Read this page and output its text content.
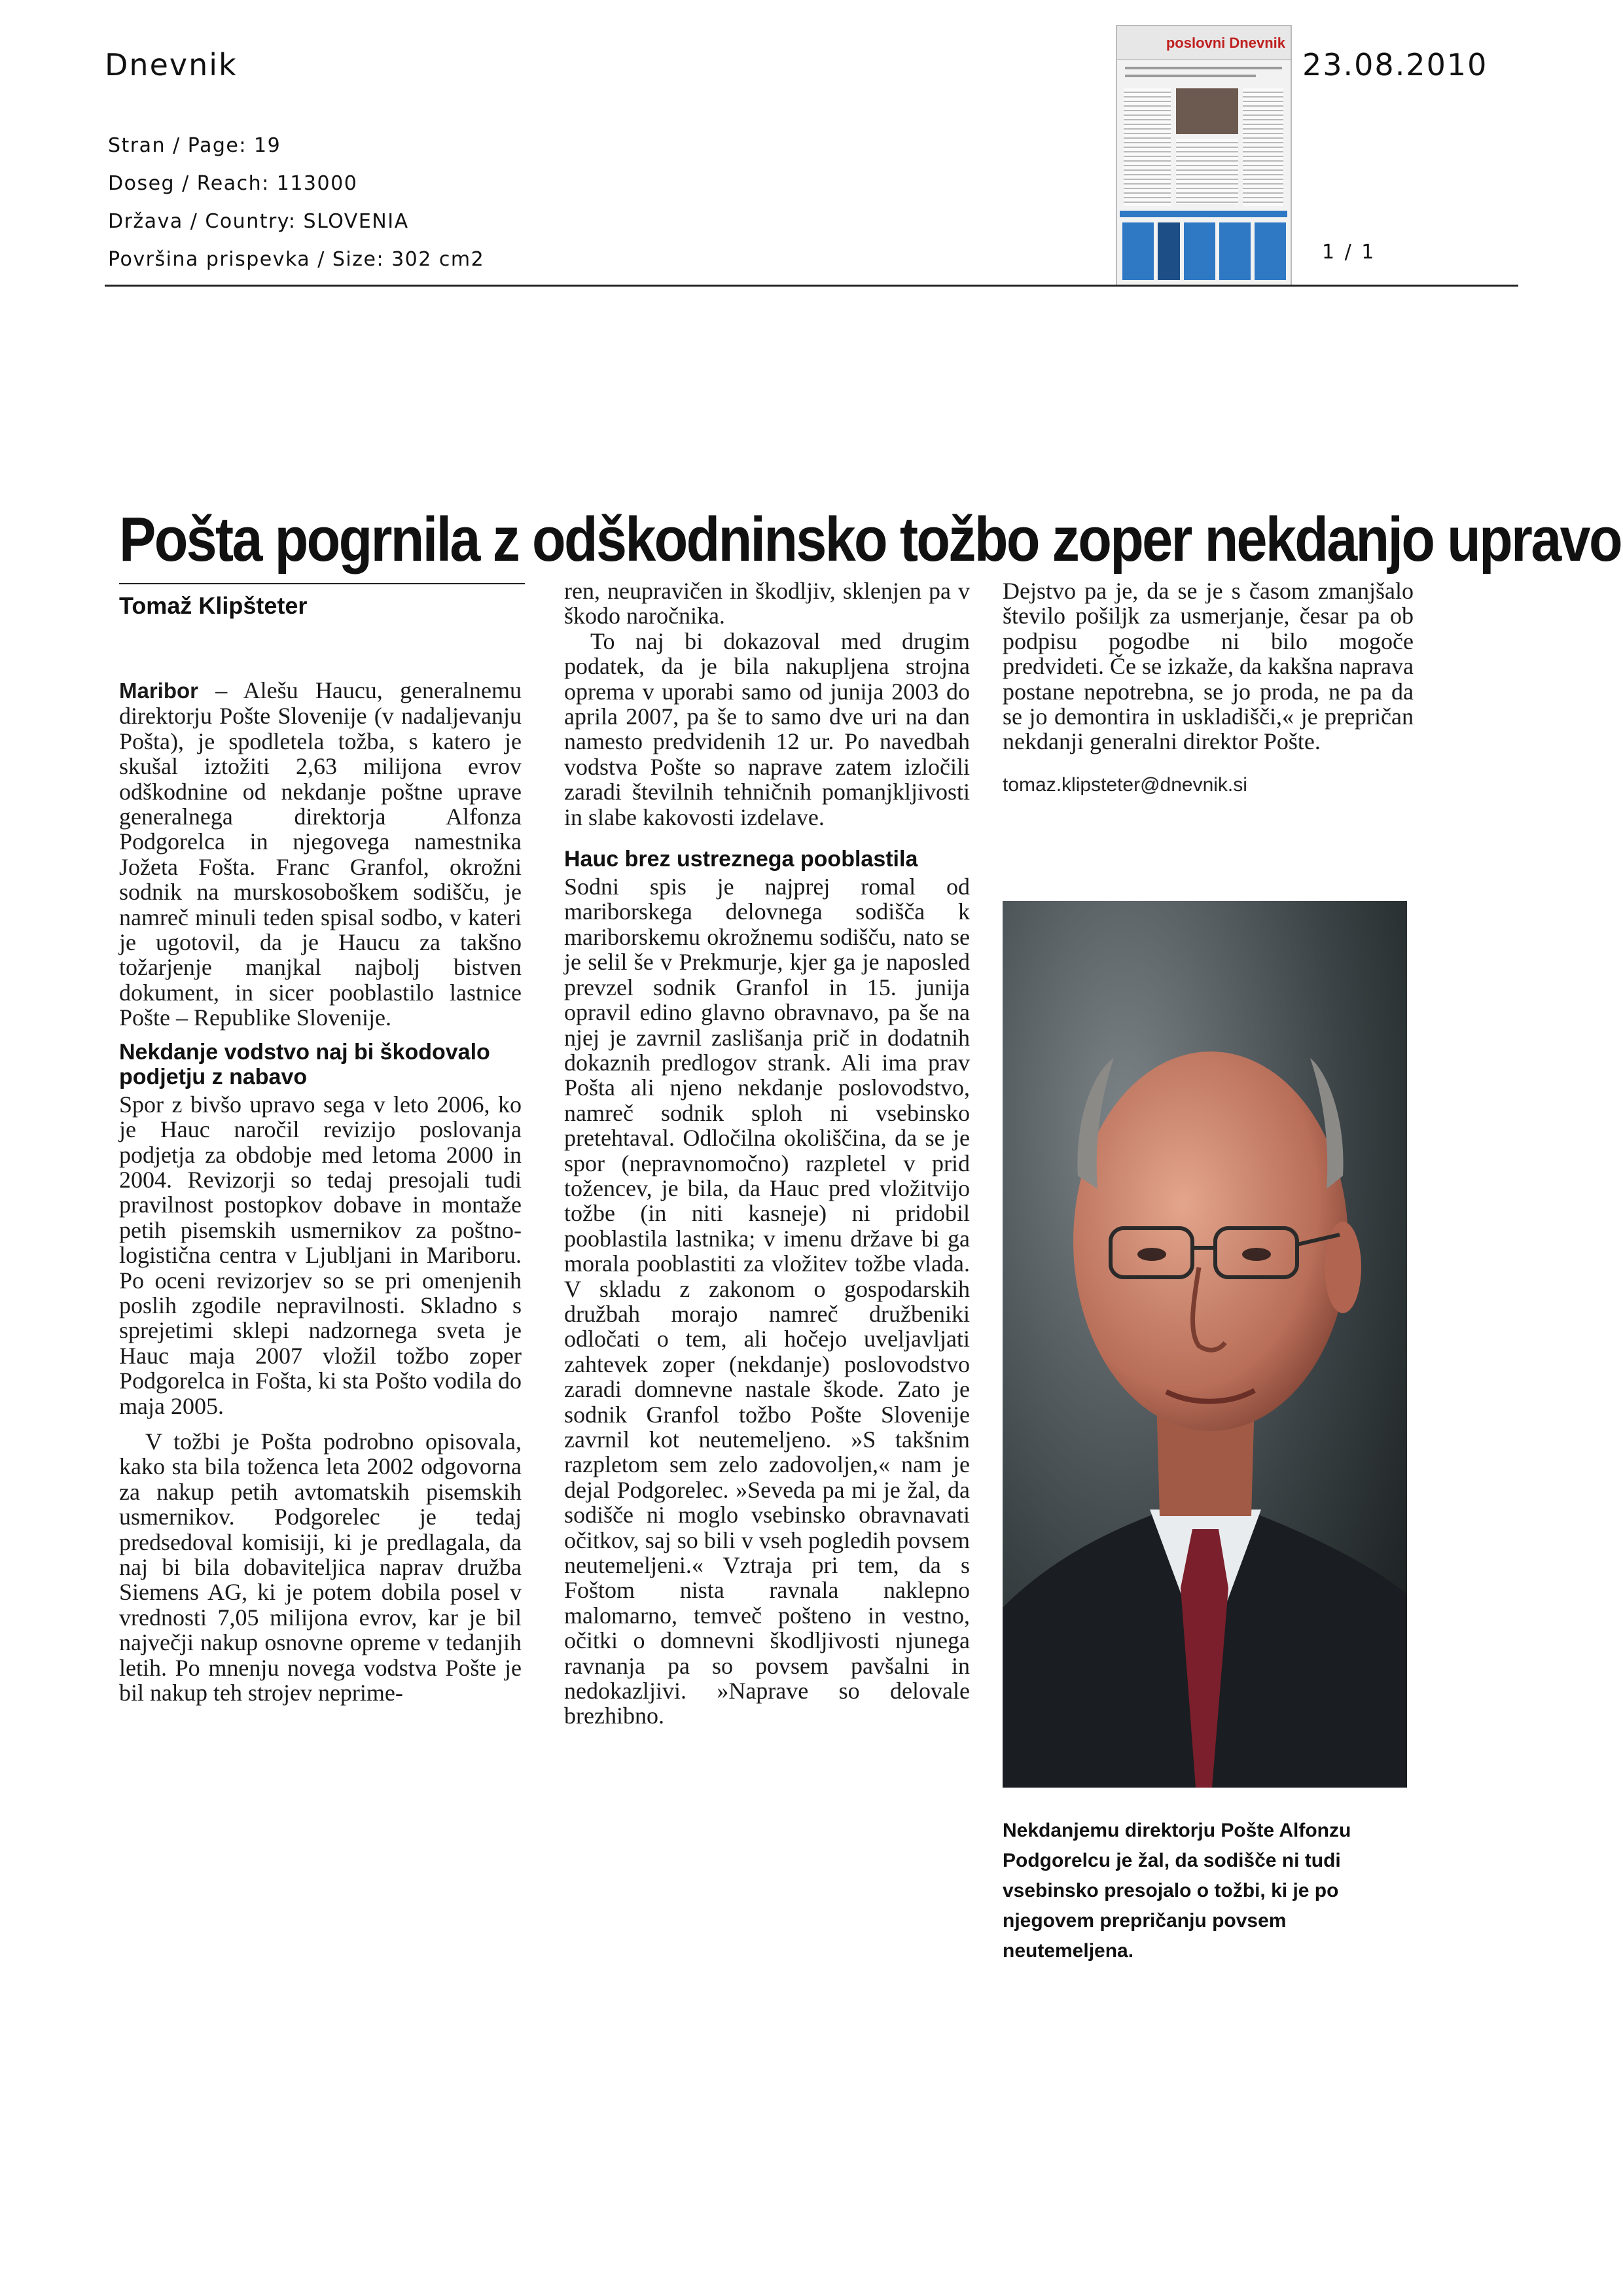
Dnevnik	23.08.2010
Stran / Page: 19
Doseg / Reach: 113000
Država / Country: SLOVENIA
Površina prispevka / Size: 302 cm2
poslovni Dnevnik
1 / 1
Pošta pogrnila z odškodninsko tožbo zoper nekdanjo upravo
Tomaž Klipšteter

Maribor – Alešu Haucu, generalnemu direktorju Pošte Slovenije (v nadaljevanju Pošta), je spodletela tožba, s katero je skušal iztožiti 2,63 milijona evrov odškodnine od nekdanje poštne uprave generalnega direktorja Alfonza Podgorelca in njegovega namestnika Jožeta Fošta. Franc Granfol, okrožni sodnik na murskosoboškem sodišču, je namreč minuli teden spisal sodbo, v kateri je ugotovil, da je Haucu za takšno tožarjenje manjkal najbolj bistven dokument, in sicer pooblastilo lastnice Pošte – Republike Slovenije.

Nekdanje vodstvo naj bi škodovalo podjetju z nabavo

Spor z bivšo upravo sega v leto 2006, ko je Hauc naročil revizijo poslovanja podjetja za obdobje med letoma 2000 in 2004. Revizorji so tedaj presojali tudi pravilnost postopkov dobave in montaže petih pisemskih usmernikov za poštno-logistična centra v Ljubljani in Mariboru. Po oceni revizorjev so se pri omenjenih poslih zgodile nepravilnosti. Skladno s sprejetimi sklepi nadzornega sveta je Hauc maja 2007 vložil tožbo zoper Podgorelca in Fošta, ki sta Pošto vodila do maja 2005.

V tožbi je Pošta podrobno opisovala, kako sta bila toženca leta 2002 odgovorna za nakup petih avtomatskih pisemskih usmernikov. Podgorelec je tedaj predsedoval komisiji, ki je predlagala, da naj bi bila dobaviteljica naprav družba Siemens AG, ki je potem dobila posel v vrednosti 7,05 milijona evrov, kar je bil največji nakup osnovne opreme v tedanjih letih. Po mnenju novega vodstva Pošte je bil nakup teh strojev neprime-

ren, neupravičen in škodljiv, sklenjen pa v škodo naročnika.

To naj bi dokazoval med drugim podatek, da je bila nakupljena strojna oprema v uporabi samo od junija 2003 do aprila 2007, pa še to samo dve uri na dan namesto predvidenih 12 ur. Po navedbah vodstva Pošte so naprave zatem izločili zaradi številnih tehničnih pomanjkljivosti in slabe kakovosti izdelave.

Hauc brez ustreznega pooblastila

Sodni spis je najprej romal od mariborskega delovnega sodišča k mariborskemu okrožnemu sodišču, nato se je selil še v Prekmurje, kjer ga je naposled prevzel sodnik Granfol in 15. junija opravil edino glavno obravnavo, pa še na njej je zavrnil zaslišanja prič in dodatnih dokaznih predlogov strank. Ali ima prav Pošta ali njeno nekdanje poslovodstvo, namreč sodnik sploh ni vsebinsko pretehtaval. Odločilna okoliščina, da se je spor (nepravnomočno) razpletel v prid tožencev, je bila, da Hauc pred vložitvijo tožbe (in niti kasneje) ni pridobil pooblastila lastnika; v imenu države bi ga morala pooblastiti za vložitev tožbe vlada. V skladu z zakonom o gospodarskih družbah morajo namreč družbeniki odločati o tem, ali hočejo uveljavljati zahtevek zoper (nekdanje) poslovodstvo zaradi domnevne nastale škode. Zato je sodnik Granfol tožbo Pošte Slovenije zavrnil kot neutemeljeno. »S takšnim razpletom sem zelo zadovoljen,« nam je dejal Podgorelec. »Seveda pa mi je žal, da sodišče ni moglo vsebinsko obravnavati očitkov, saj so bili v vseh pogledih povsem neutemeljeni.« Vztraja pri tem, da s Foštom nista ravnala naklepno malomarno, temveč pošteno in vestno, očitki o domnevni škodljivosti njunega ravnanja pa so povsem pavšalni in nedokazljivi. »Naprave so delovale brezhibno.

Dejstvo pa je, da se je s časom zmanjšalo število pošiljk za usmerjanje, česar pa ob podpisu pogodbe ni bilo mogoče predvideti. Če se izkaže, da kakšna naprava postane nepotrebna, se jo proda, ne pa da se jo demontira in uskladišči,« je prepričan nekdanji generalni direktor Pošte.

tomaz.klipsteter@dnevnik.si
Nekdanjemu direktorju Pošte Alfonzu Podgorelcu je žal, da sodišče ni tudi vsebinsko presojalo o tožbi, ki je po njegovem prepričanju povsem neutemeljena.
